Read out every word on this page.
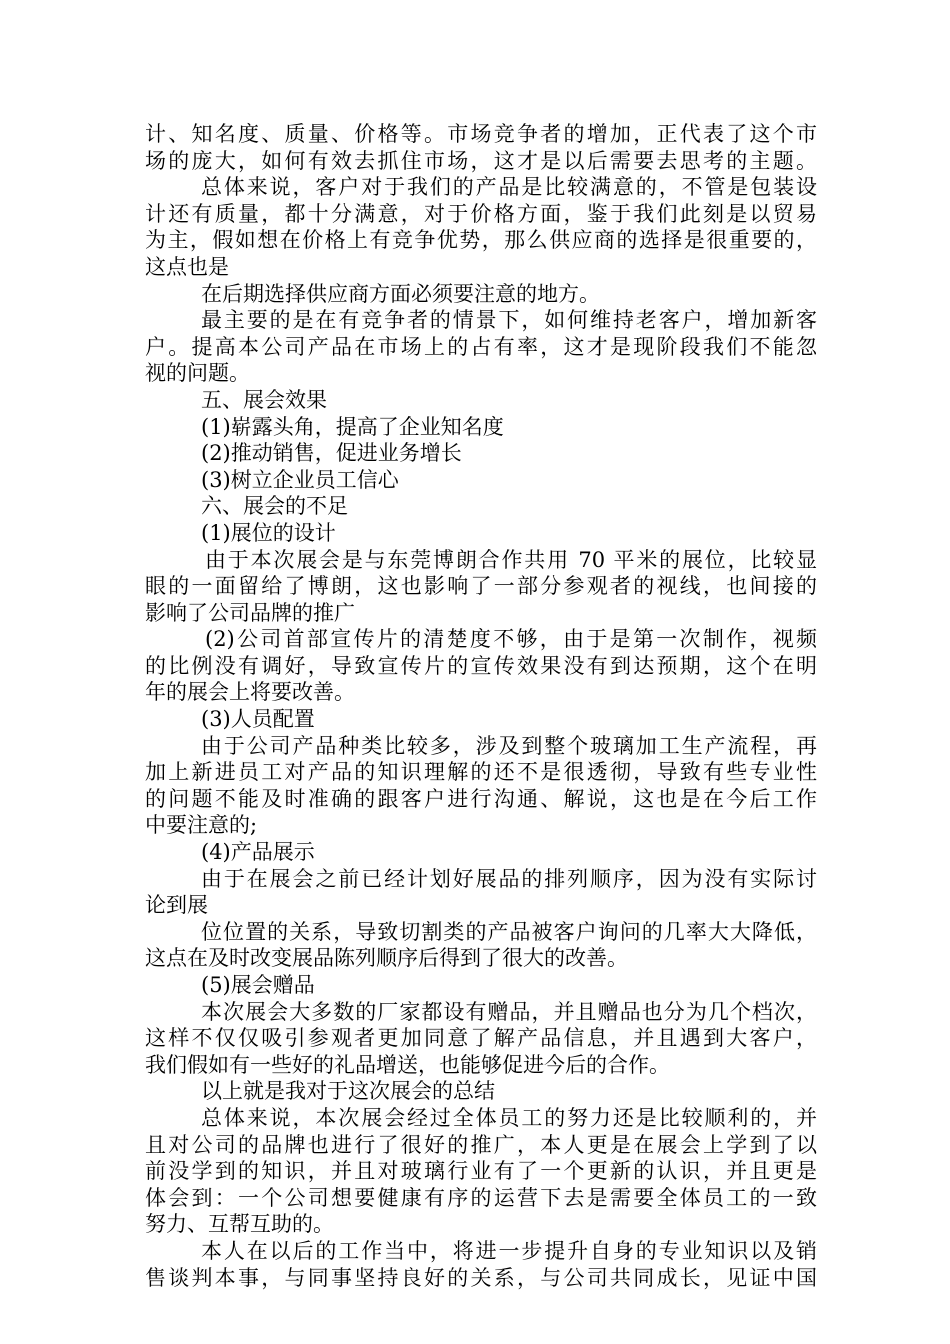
计、知名度、质量、价格等。市场竞争者的增加，正代表了这个市
场的庞大，如何有效去抓住市场，这才是以后需要去思考的主题。
总体来说，客户对于我们的产品是比较满意的，不管是包装设
计还有质量，都十分满意，对于价格方面，鉴于我们此刻是以贸易
为主，假如想在价格上有竞争优势，那么供应商的选择是很重要的，
这点也是
在后期选择供应商方面必须要注意的地方。
最主要的是在有竞争者的情景下，如何维持老客户，增加新客
户。提高本公司产品在市场上的占有率，这才是现阶段我们不能忽
视的问题。
五、展会效果
(1)崭露头角，提高了企业知名度
(2)推动销售，促进业务增长
(3)树立企业员工信心
六、展会的不足
(1)展位的设计
由于本次展会是与东莞博朗合作共用 70 平米的展位，比较显
眼的一面留给了博朗，这也影响了一部分参观者的视线，也间接的
影响了公司品牌的推广
(2)公司首部宣传片的清楚度不够，由于是第一次制作，视频
的比例没有调好，导致宣传片的宣传效果没有到达预期，这个在明
年的展会上将要改善。
(3)人员配置
由于公司产品种类比较多，涉及到整个玻璃加工生产流程，再
加上新进员工对产品的知识理解的还不是很透彻，导致有些专业性
的问题不能及时准确的跟客户进行沟通、解说，这也是在今后工作
中要注意的;
(4)产品展示
由于在展会之前已经计划好展品的排列顺序，因为没有实际讨
论到展
位位置的关系，导致切割类的产品被客户询问的几率大大降低，
这点在及时改变展品陈列顺序后得到了很大的改善。
(5)展会赠品
本次展会大多数的厂家都设有赠品，并且赠品也分为几个档次，
这样不仅仅吸引参观者更加同意了解产品信息，并且遇到大客户，
我们假如有一些好的礼品增送，也能够促进今后的合作。
以上就是我对于这次展会的总结
总体来说，本次展会经过全体员工的努力还是比较顺利的，并
且对公司的品牌也进行了很好的推广，本人更是在展会上学到了以
前没学到的知识，并且对玻璃行业有了一个更新的认识，并且更是
体会到：一个公司想要健康有序的运营下去是需要全体员工的一致
努力、互帮互助的。
本人在以后的工作当中，将进一步提升自身的专业知识以及销
售谈判本事，与同事坚持良好的关系，与公司共同成长，见证中国
